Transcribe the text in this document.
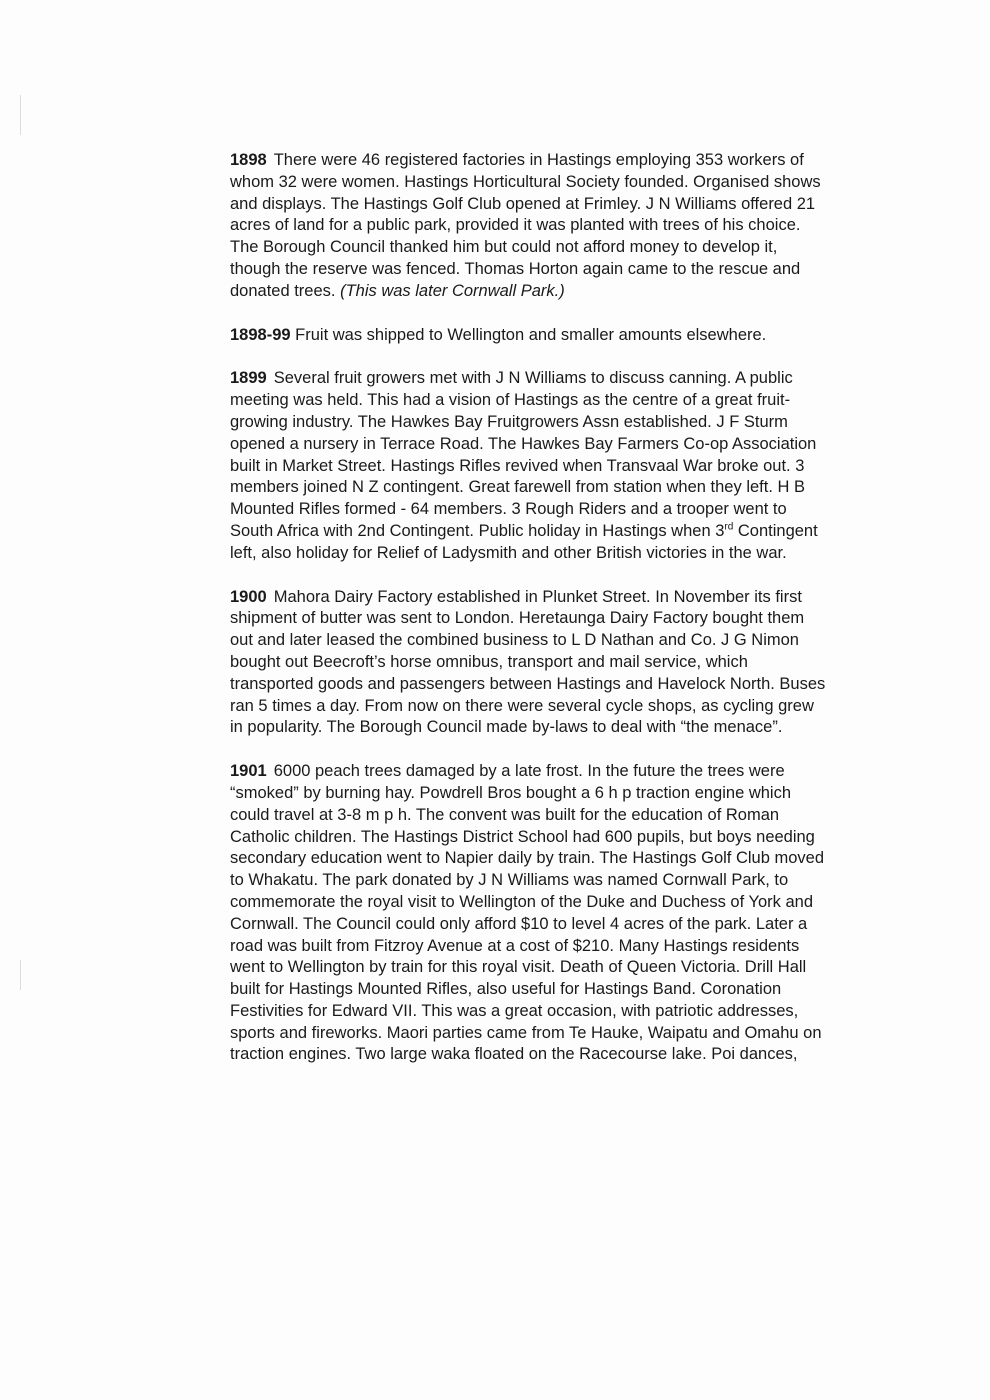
1898 There were 46 registered factories in Hastings employing 353 workers of whom 32 were women. Hastings Horticultural Society founded. Organised shows and displays. The Hastings Golf Club opened at Frimley. J N Williams offered 21 acres of land for a public park, provided it was planted with trees of his choice. The Borough Council thanked him but could not afford money to develop it, though the reserve was fenced. Thomas Horton again came to the rescue and donated trees. (This was later Cornwall Park.)

1898-99 Fruit was shipped to Wellington and smaller amounts elsewhere.

1899 Several fruit growers met with J N Williams to discuss canning. A public meeting was held. This had a vision of Hastings as the centre of a great fruit-growing industry. The Hawkes Bay Fruitgrowers Assn established. J F Sturm opened a nursery in Terrace Road. The Hawkes Bay Farmers Co-op Association built in Market Street. Hastings Rifles revived when Transvaal War broke out. 3 members joined N Z contingent. Great farewell from station when they left. H B Mounted Rifles formed - 64 members. 3 Rough Riders and a trooper went to South Africa with 2nd Contingent. Public holiday in Hastings when 3rd Contingent left, also holiday for Relief of Ladysmith and other British victories in the war.

1900 Mahora Dairy Factory established in Plunket Street. In November its first shipment of butter was sent to London. Heretaunga Dairy Factory bought them out and later leased the combined business to L D Nathan and Co. J G Nimon bought out Beecroft’s horse omnibus, transport and mail service, which transported goods and passengers between Hastings and Havelock North. Buses ran 5 times a day. From now on there were several cycle shops, as cycling grew in popularity. The Borough Council made by-laws to deal with “the menace”.

1901 6000 peach trees damaged by a late frost. In the future the trees were “smoked” by burning hay. Powdrell Bros bought a 6 h p traction engine which could travel at 3-8 m p h. The convent was built for the education of Roman Catholic children. The Hastings District School had 600 pupils, but boys needing secondary education went to Napier daily by train. The Hastings Golf Club moved to Whakatu. The park donated by J N Williams was named Cornwall Park, to commemorate the royal visit to Wellington of the Duke and Duchess of York and Cornwall. The Council could only afford $10 to level 4 acres of the park. Later a road was built from Fitzroy Avenue at a cost of $210. Many Hastings residents went to Wellington by train for this royal visit. Death of Queen Victoria. Drill Hall built for Hastings Mounted Rifles, also useful for Hastings Band. Coronation Festivities for Edward VII. This was a great occasion, with patriotic addresses, sports and fireworks. Maori parties came from Te Hauke, Waipatu and Omahu on traction engines. Two large waka floated on the Racecourse lake. Poi dances,
